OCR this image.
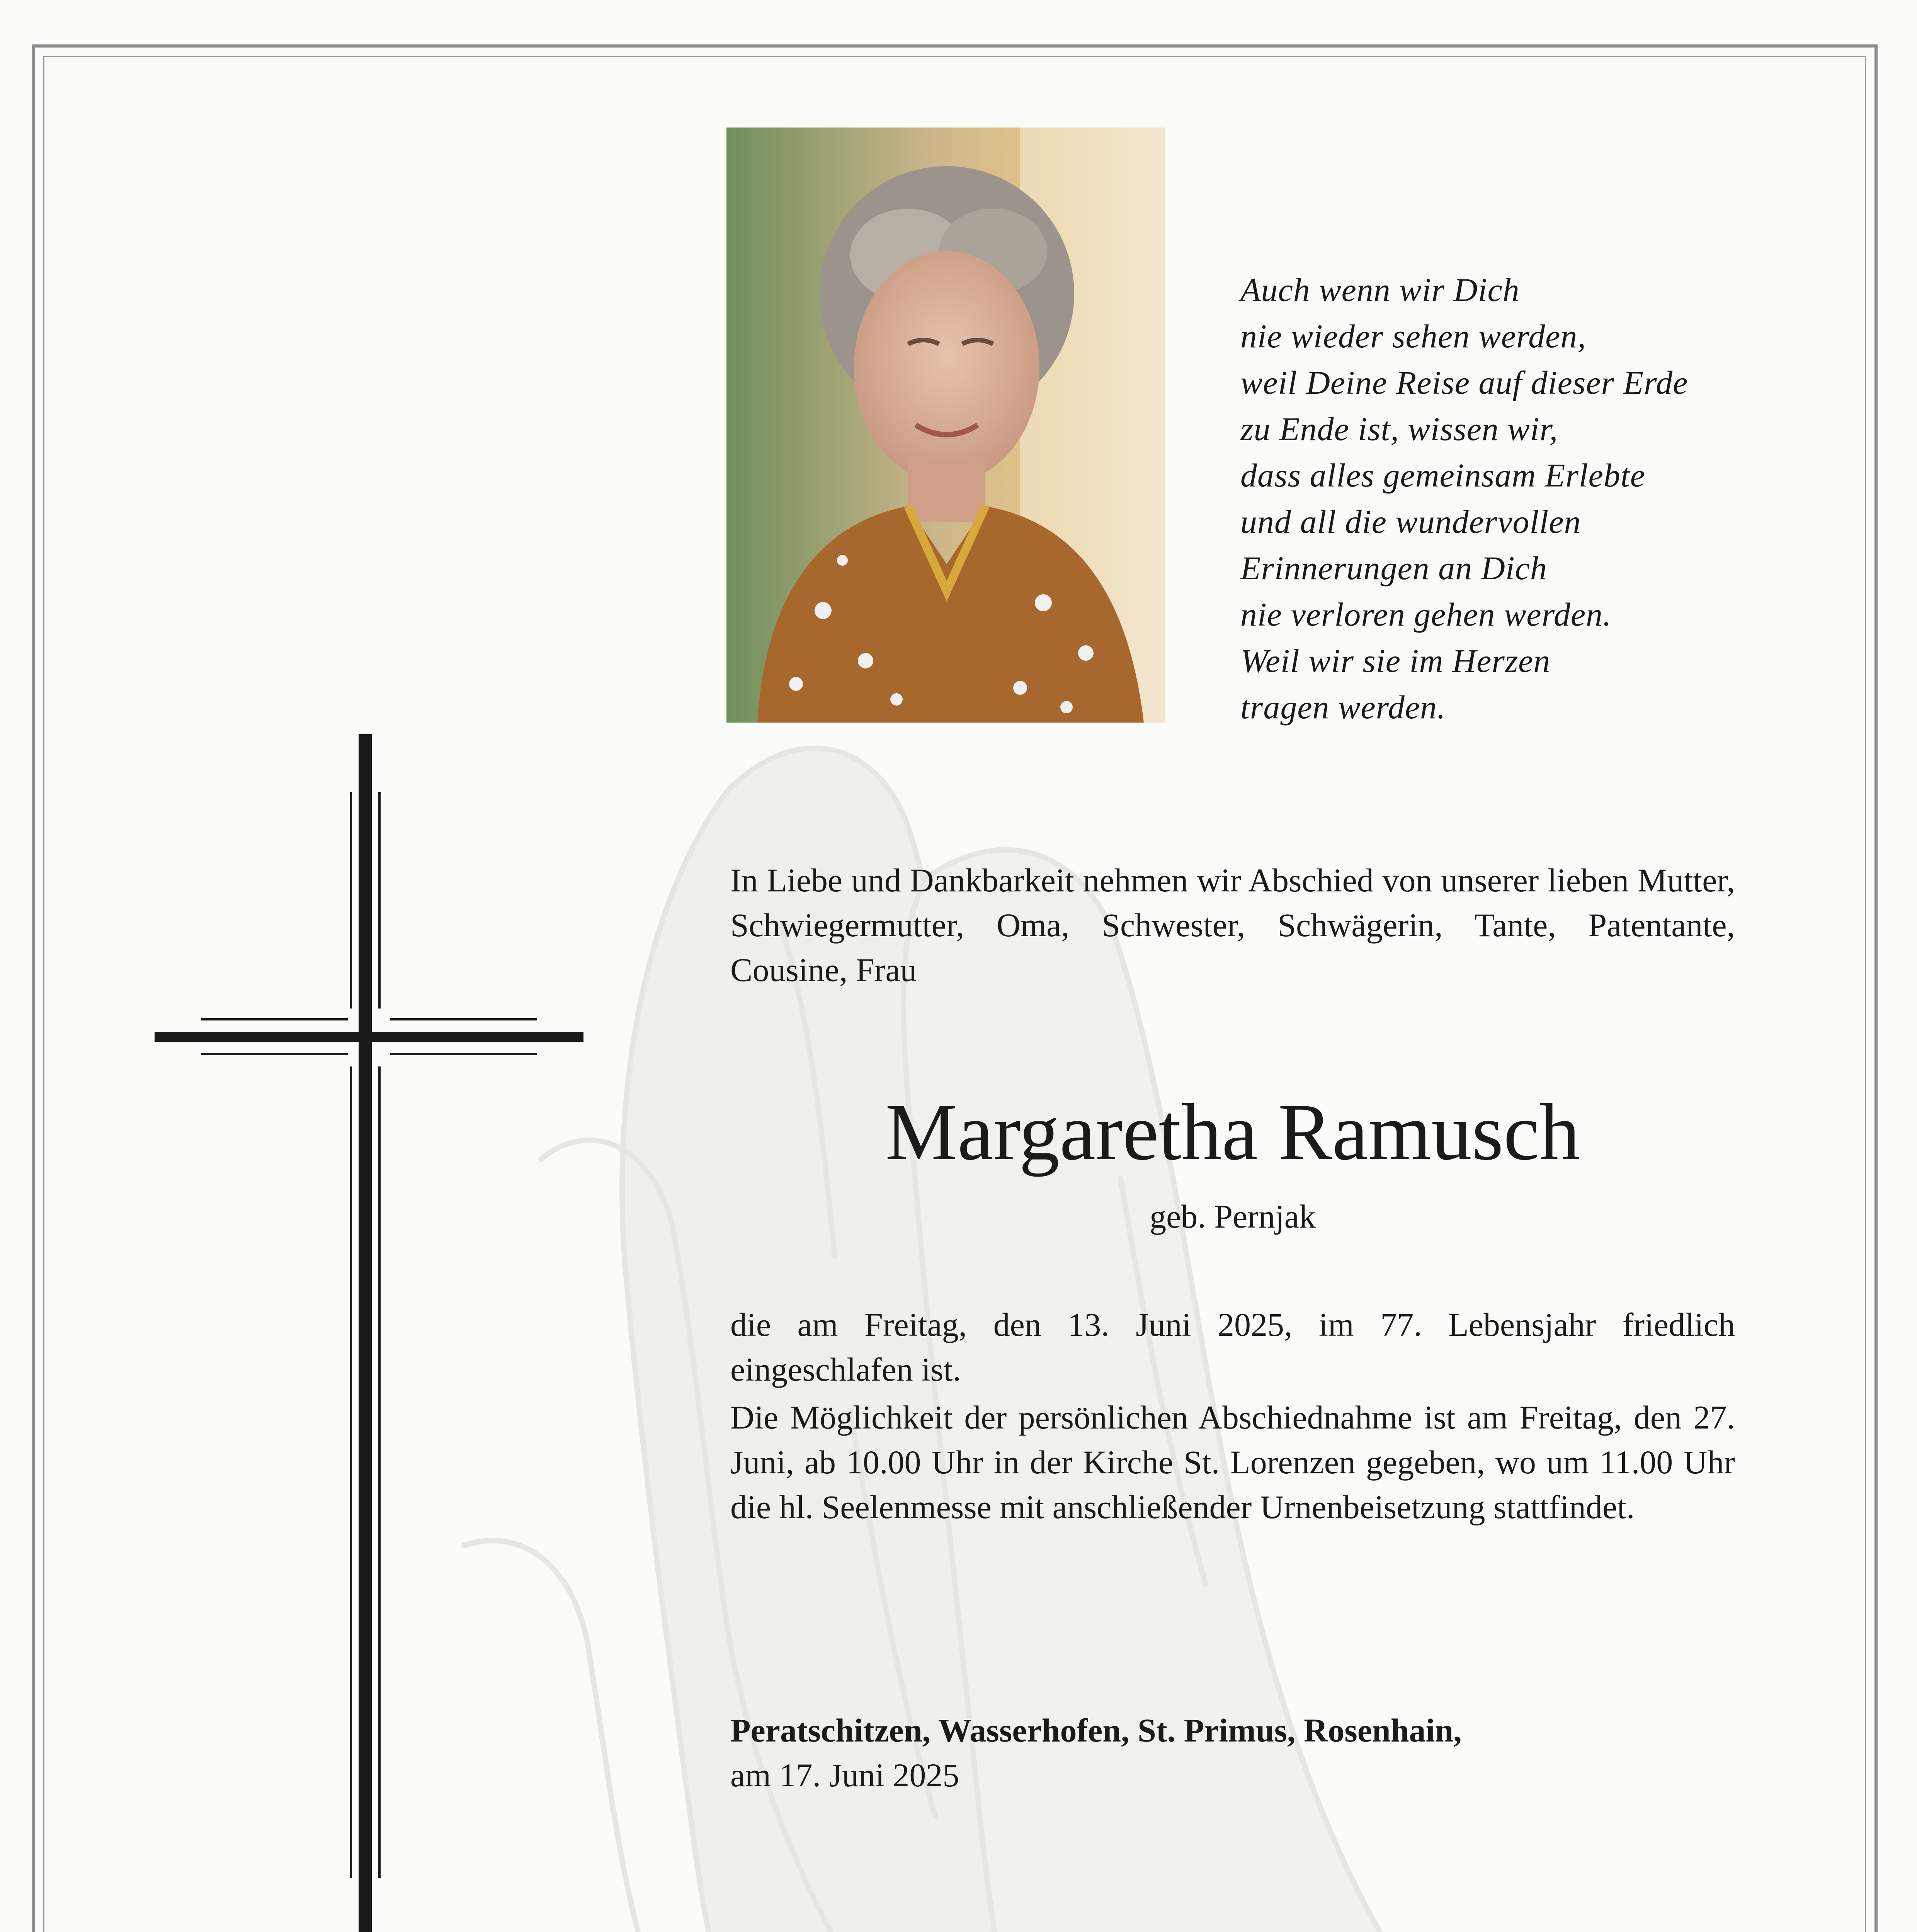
Auch wenn wir Dich
nie wieder sehen werden,
weil Deine Reise auf dieser Erde
zu Ende ist, wissen wir,
dass alles gemeinsam Erlebte
und all die wundervollen
Erinnerungen an Dich
nie verloren gehen werden.
Weil wir sie im Herzen
tragen werden.
In Liebe und Dankbarkeit nehmen wir Abschied von unserer lieben Mutter, Schwiegermutter, Oma, Schwester, Schwägerin, Tante, Patentante, Cousine, Frau
Margaretha Ramusch
geb. Pernjak
die am Freitag, den 13. Juni 2025, im 77. Lebensjahr friedlich eingeschlafen ist.
Die Möglichkeit der persönlichen Abschiednahme ist am Freitag, den 27. Juni, ab 10.00 Uhr in der Kirche St. Lorenzen gegeben, wo um 11.00 Uhr die hl. Seelenmesse mit anschließender Urnenbeisetzung stattfindet.
Peratschitzen, Wasserhofen, St. Primus, Rosenhain,
am 17. Juni 2025
